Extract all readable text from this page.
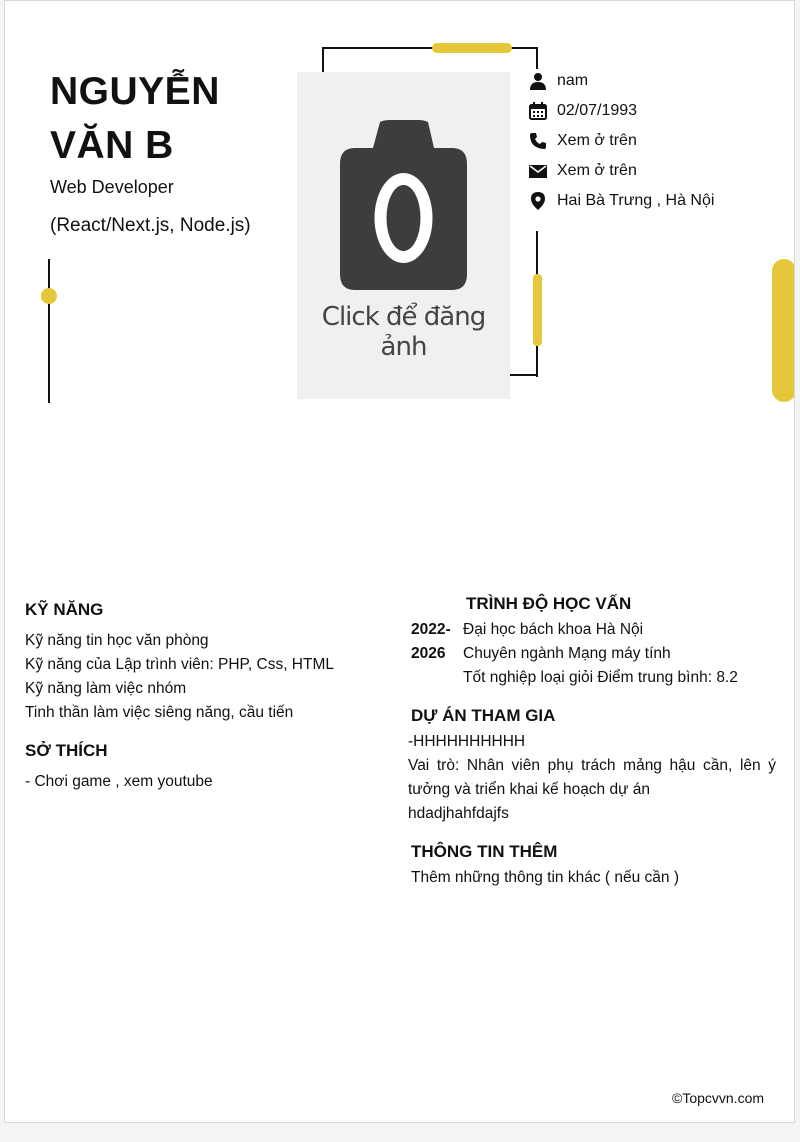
NGUYỄN
VĂN B
Web Developer
(React/Next.js, Node.js)
Click để đăng ảnh
nam
02/07/1993
Xem ở trên
Xem ở trên
Hai Bà Trưng , Hà Nội
KỸ NĂNG
Kỹ năng tin học văn phòng
Kỹ năng của Lập trình viên: PHP, Css, HTML
Kỹ năng làm việc nhóm
Tinh thần làm việc siêng năng, cầu tiến
SỞ THÍCH
- Chơi game , xem youtube
TRÌNH ĐỘ HỌC VẤN
2022-
2026
Đại học bách khoa Hà Nội
Chuyên ngành Mạng máy tính
Tốt nghiệp loại giỏi Điểm trung bình: 8.2
DỰ ÁN THAM GIA
-HHHHHHHHHH
Vai trò: Nhân viên phụ trách mảng hậu cần, lên ý tưởng và triển khai kế hoạch dự án
hdadjhahfdajfs
THÔNG TIN THÊM
Thêm những thông tin khác ( nếu cần )
©Topcvvn.com
